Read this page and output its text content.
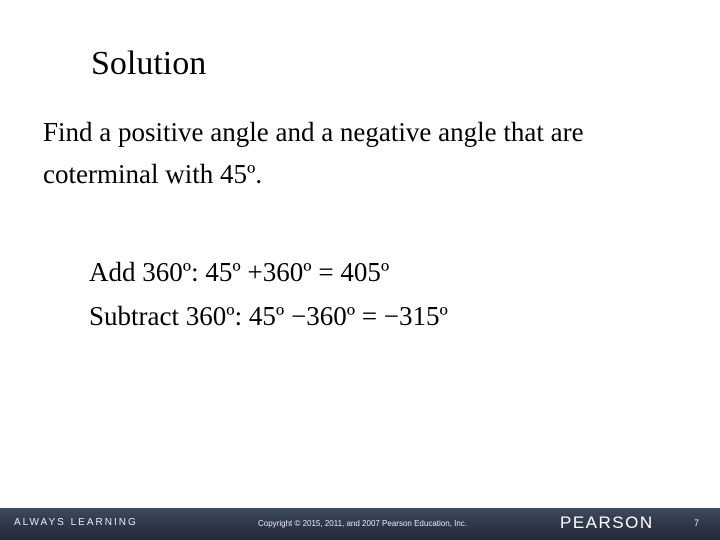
Solution
Find a positive angle and a negative angle that are
coterminal with 45º.
Add 360º: 45º +360º = 405º
Subtract 360º: 45º −360º = −315º
ALWAYS LEARNING	Copyright © 2015, 2011, and 2007 Pearson Education, Inc.	PEARSON	7
